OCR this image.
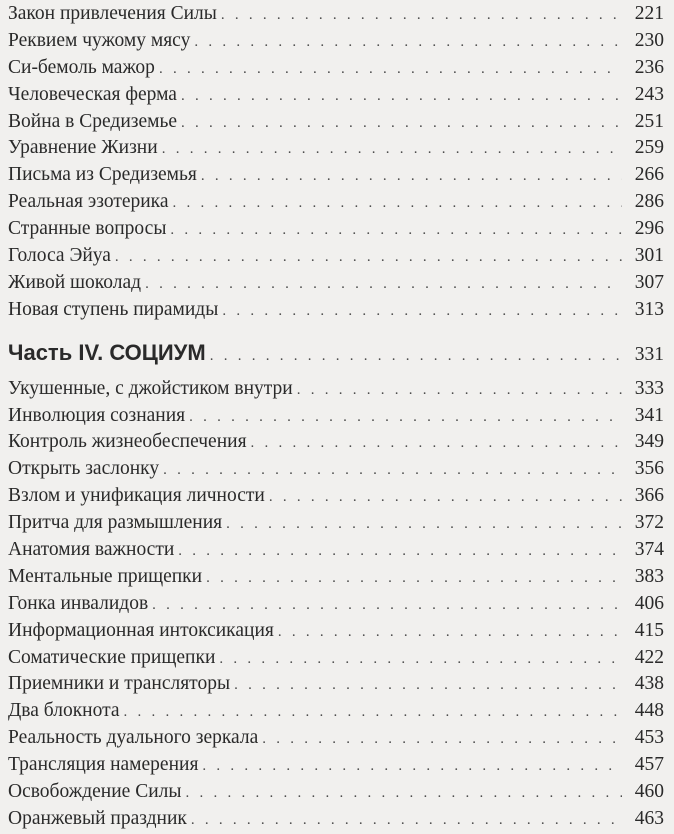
Закон привлечения Силы . . .	221
Реквием чужому мясу . . .	230
Си-бемоль мажор . . .	236
Человеческая ферма . . .	243
Война в Средиземье . . .	251
Уравнение Жизни . . .	259
Письма из Средиземья . . .	266
Реальная эзотерика . . .	286
Странные вопросы . . .	296
Голоса Эйуа . . .	301
Живой шоколад . . .	307
Новая ступень пирамиды . . .	313
Часть IV. СОЦИУМ . . .	331
Укушенные, с джойстиком внутри . . .	333
Инволюция сознания . . .	341
Контроль жизнеобеспечения . . .	349
Открыть заслонку . . .	356
Взлом и унификация личности . . .	366
Притча для размышления . . .	372
Анатомия важности . . .	374
Ментальные прищепки . . .	383
Гонка инвалидов . . .	406
Информационная интоксикация . . .	415
Соматические прищепки . . .	422
Приемники и трансляторы . . .	438
Два блокнота . . .	448
Реальность дуального зеркала . . .	453
Трансляция намерения . . .	457
Освобождение Силы . . .	460
Оранжевый праздник . . .	463
